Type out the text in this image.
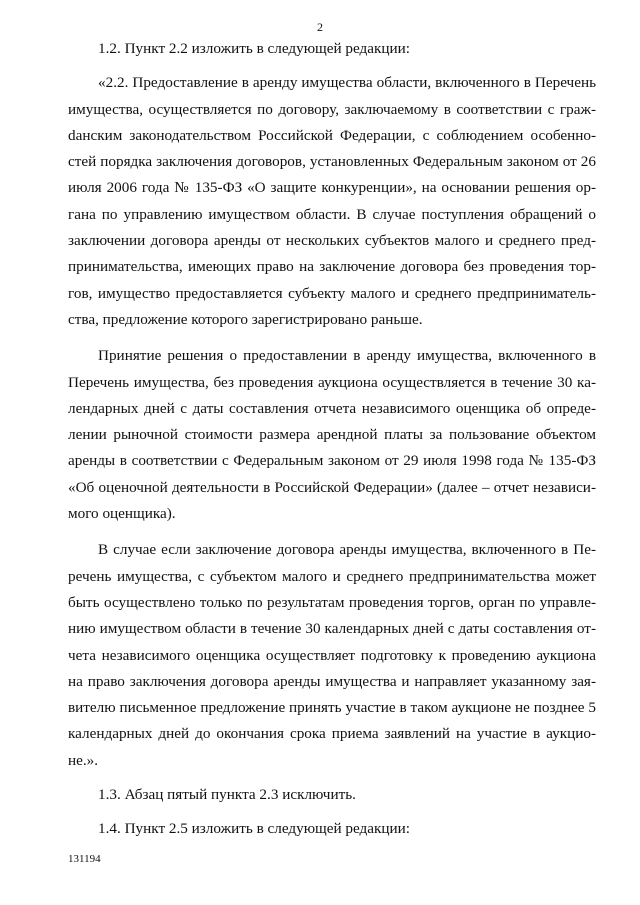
2

1.2. Пункт 2.2 изложить в следующей редакции:

«2.2. Предоставление в аренду имущества области, включенного в Перечень имущества, осуществляется по договору, заключаемому в соответствии с гражdанским законодательством Российской Федерации, с соблюдением особенностей порядка заключения договоров, установленных Федеральным законом от 26 июля 2006 года № 135-ФЗ «О защите конкуренции», на основании решения органа по управлению имуществом области. В случае поступления обращений о заключении договора аренды от нескольких субъектов малого и среднего предпринимательства, имеющих право на заключение договора без проведения торгов, имущество предоставляется субъекту малого и среднего предпринимательства, предложение которого зарегистрировано раньше.

Принятие решения о предоставлении в аренду имущества, включенного в Перечень имущества, без проведения аукциона осуществляется в течение 30 календарных дней с даты составления отчета независимого оценщика об определении рыночной стоимости размера арендной платы за пользование объектом аренды в соответствии с Федеральным законом от 29 июля 1998 года № 135-ФЗ «Об оценочной деятельности в Российской Федерации» (далее – отчет независимого оценщика).

В случае если заключение договора аренды имущества, включенного в Перечень имущества, с субъектом малого и среднего предпринимательства может быть осуществлено только по результатам проведения торгов, орган по управлению имуществом области в течение 30 календарных дней с даты составления отчета независимого оценщика осуществляет подготовку к проведению аукциона на право заключения договора аренды имущества и направляет указанному заявителю письменное предложение принять участие в таком аукционе не позднее 5 календарных дней до окончания срока приема заявлений на участие в аукционе.».

1.3. Абзац пятый пункта 2.3 исключить.

1.4. Пункт 2.5 изложить в следующей редакции:

131194
